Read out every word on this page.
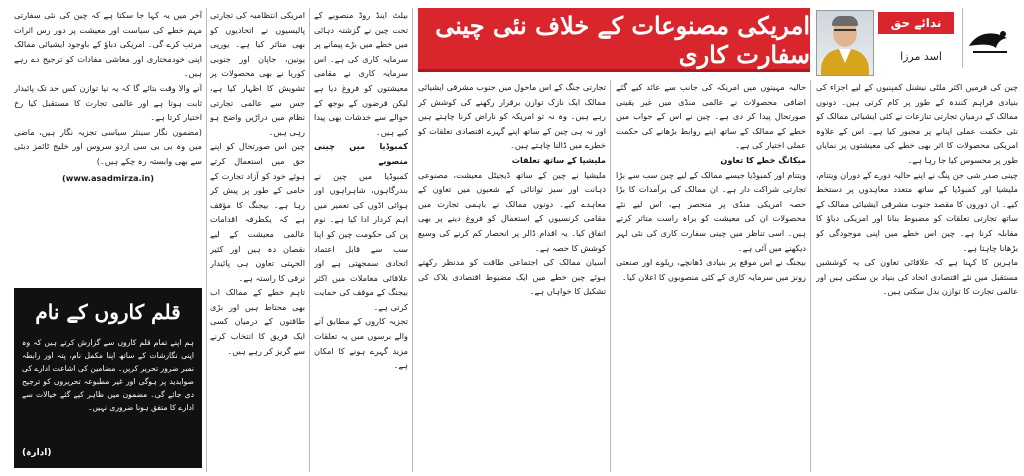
ندائے حق
اسد مرزا
امریکی مصنوعات کے خلاف نئی چینی سفارت کاری

چین کی فرمیں اکثر ملٹی نیشنل کمپنیوں کے لیے اجزاء کی بنیادی فراہم کنندہ کے طور پر کام کرتی ہیں۔ دونوں ممالک کے درمیان تجارتی تنازعات نے کئی ایشیائی ممالک کو نئی حکمت عملی اپنانے پر مجبور کیا ہے۔ اس کے علاوہ امریکی محصولات کا اثر بھی خطے کی معیشتوں پر نمایاں طور پر محسوس کیا جا رہا ہے۔

چینی صدر شی جن پنگ نے اپنے حالیہ دورے کے دوران ویتنام، ملیشیا اور کمبوڈیا کے ساتھ متعدد معاہدوں پر دستخط کیے۔ ان دوروں کا مقصد جنوب مشرقی ایشیائی ممالک کے ساتھ تجارتی تعلقات کو مضبوط بنانا اور امریکی دباؤ کا مقابلہ کرنا ہے۔ چین اس خطے میں اپنی موجودگی کو بڑھانا چاہتا ہے۔

ماہرین کا کہنا ہے کہ علاقائی تعاون کی یہ کوششیں مستقبل میں نئے اقتصادی اتحاد کی بنیاد بن سکتی ہیں اور عالمی تجارت کا توازن بدل سکتی ہیں۔

حالیہ مہینوں میں امریکہ کی جانب سے عائد کیے گئے اضافی محصولات نے عالمی منڈی میں غیر یقینی صورتحال پیدا کر دی ہے۔ چین نے اس کے جواب میں خطے کے ممالک کے ساتھ اپنے روابط بڑھانے کی حکمت عملی اختیار کی ہے۔

میکانگ خطے کا تعاون

ویتنام اور کمبوڈیا جیسے ممالک کے لیے چین سب سے بڑا تجارتی شراکت دار ہے۔ ان ممالک کی برآمدات کا بڑا حصہ امریکی منڈی پر منحصر ہے، اس لیے نئے محصولات ان کی معیشت کو براہ راست متاثر کرتے ہیں۔ اسی تناظر میں چینی سفارت کاری کی نئی لہر دیکھنے میں آئی ہے۔

بیجنگ نے اس موقع پر بنیادی ڈھانچے، ریلوے اور صنعتی زونز میں سرمایہ کاری کے کئی منصوبوں کا اعلان کیا۔

تجارتی جنگ کے اس ماحول میں جنوب مشرقی ایشیائی ممالک ایک نازک توازن برقرار رکھنے کی کوشش کر رہے ہیں۔ وہ نہ تو امریکہ کو ناراض کرنا چاہتے ہیں اور نہ ہی چین کے ساتھ اپنے گہرے اقتصادی تعلقات کو خطرے میں ڈالنا چاہتے ہیں۔

ملیشیا کے ساتھ تعلقات

ملیشیا نے چین کے ساتھ ڈیجیٹل معیشت، مصنوعی ذہانت اور سبز توانائی کے شعبوں میں تعاون کے معاہدے کیے۔ دونوں ممالک نے باہمی تجارت میں مقامی کرنسیوں کے استعمال کو فروغ دینے پر بھی اتفاق کیا۔ یہ اقدام ڈالر پر انحصار کم کرنے کی وسیع کوشش کا حصہ ہے۔

آسیان ممالک کی اجتماعی طاقت کو مدنظر رکھتے ہوئے چین خطے میں ایک مضبوط اقتصادی بلاک کی تشکیل کا خواہاں ہے۔

بیلٹ اینڈ روڈ منصوبے کے تحت چین نے گزشتہ دہائی میں خطے میں بڑے پیمانے پر سرمایہ کاری کی ہے۔ اس سرمایہ کاری نے مقامی معیشتوں کو فروغ دیا ہے لیکن قرضوں کے بوجھ کے حوالے سے خدشات بھی پیدا کیے ہیں۔

کمبوڈیا میں چینی منصوبے

کمبوڈیا میں چین نے بندرگاہوں، شاہراہوں اور ہوائی اڈوں کی تعمیر میں اہم کردار ادا کیا ہے۔ نوم پن کی حکومت چین کو اپنا سب سے قابل اعتماد اتحادی سمجھتی ہے اور علاقائی معاملات میں اکثر بیجنگ کے موقف کی حمایت کرتی ہے۔

تجزیہ کاروں کے مطابق آنے والے برسوں میں یہ تعلقات مزید گہرے ہونے کا امکان ہے۔

امریکی انتظامیہ کی تجارتی پالیسیوں نے اتحادیوں کو بھی متاثر کیا ہے۔ یورپی یونین، جاپان اور جنوبی کوریا نے بھی محصولات پر تشویش کا اظہار کیا ہے، جس سے عالمی تجارتی نظام میں دراڑیں واضح ہو رہی ہیں۔

چین اس صورتحال کو اپنے حق میں استعمال کرتے ہوئے خود کو آزاد تجارت کے حامی کے طور پر پیش کر رہا ہے۔ بیجنگ کا مؤقف ہے کہ یکطرفہ اقدامات عالمی معیشت کے لیے نقصان دہ ہیں اور کثیر الجہتی تعاون ہی پائیدار ترقی کا راستہ ہے۔

تاہم خطے کے ممالک اب بھی محتاط ہیں اور بڑی طاقتوں کے درمیان کسی ایک فریق کا انتخاب کرنے سے گریز کر رہے ہیں۔

آخر میں یہ کہا جا سکتا ہے کہ چین کی نئی سفارتی مہم خطے کی سیاست اور معیشت پر دور رس اثرات مرتب کرے گی۔ امریکی دباؤ کے باوجود ایشیائی ممالک اپنی خودمختاری اور معاشی مفادات کو ترجیح دے رہے ہیں۔

آنے والا وقت بتائے گا کہ یہ نیا توازن کس حد تک پائیدار ثابت ہوتا ہے اور عالمی تجارت کا مستقبل کیا رخ اختیار کرتا ہے۔

(مضمون نگار سینئر سیاسی تجزیہ نگار ہیں، ماضی میں وہ بی بی سی اردو سروس اور خلیج ٹائمز دبئی سے بھی وابستہ رہ چکے ہیں۔)

(www.asadmirza.in)
قلم کاروں کے نام
ہم اپنے تمام قلم کاروں سے گزارش کرتے ہیں کہ وہ اپنی نگارشات کے ساتھ اپنا مکمل نام، پتہ اور رابطہ نمبر ضرور تحریر کریں۔ مضامین کی اشاعت ادارے کی صوابدید پر ہوگی اور غیر مطبوعہ تحریروں کو ترجیح دی جائے گی۔ مضمون میں ظاہر کیے گئے خیالات سے ادارے کا متفق ہونا ضروری نہیں۔
(ادارہ)
